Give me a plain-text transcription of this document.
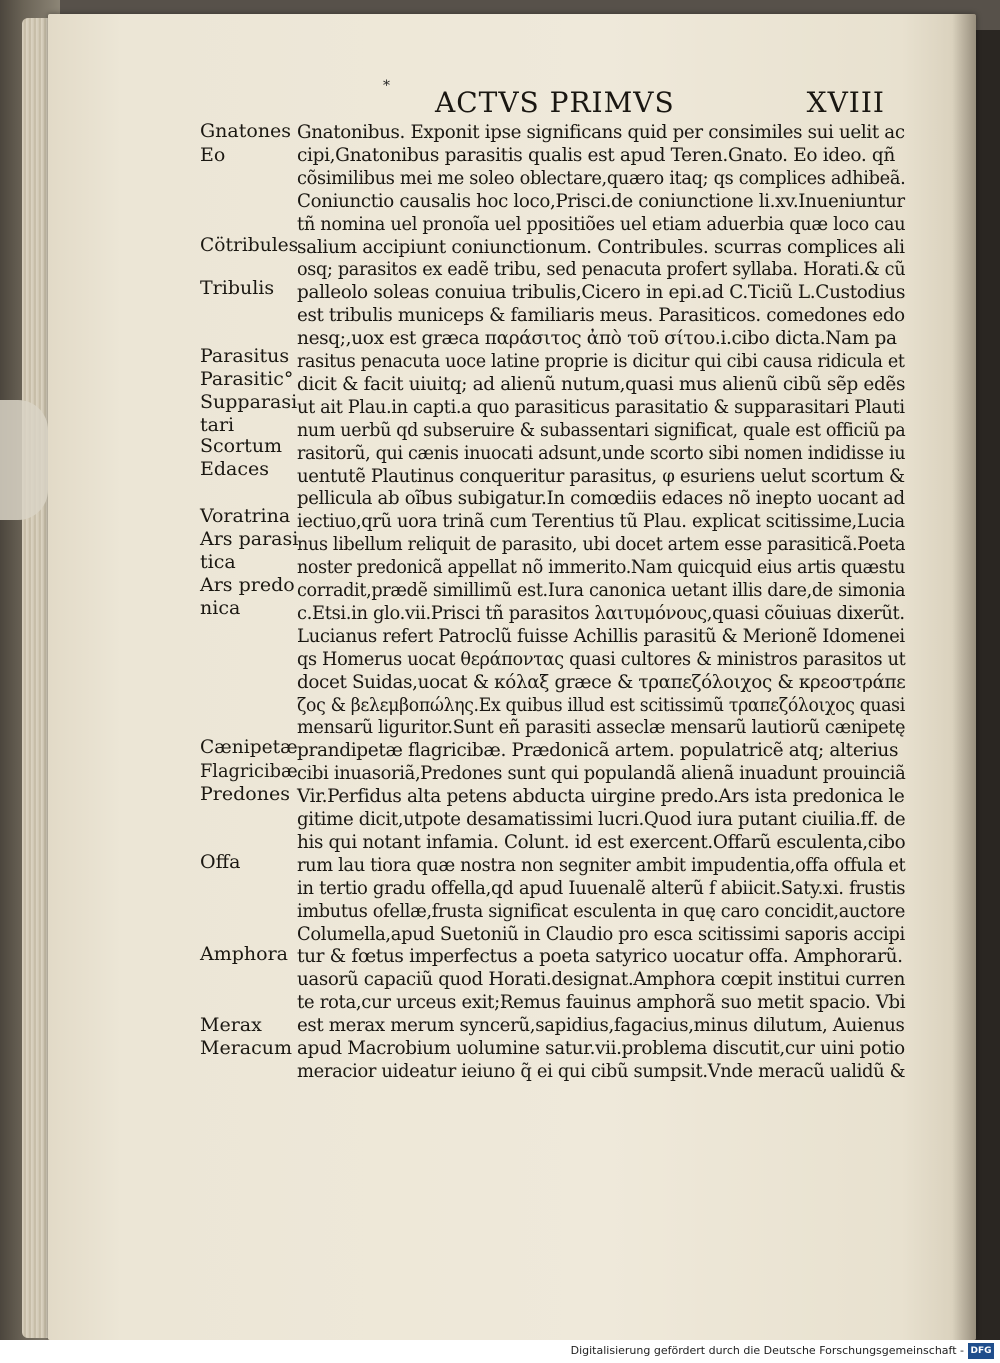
* ACTVS PRIMVS	XVIII
Gnatones
Eo
Cötribules
Tribulis
Parasitus
Parasitic°
Supparasi
tari
Scortum
Edaces
Voratrina
Ars parasi
tica
Ars predo
nica
Cænipetæ
Flagricibæ
Predones
Offa
Amphora
Merax
Meracum
Gnatonibus. Exponit ipse significans quid per consimiles sui uelit ac
cipi,Gnatonibus parasitis qualis est apud Teren.Gnato. Eo ideo. qñ
cõsimilibus mei me soleo oblectare,quæro itaq; qs complices adhibeã.
Coniunctio causalis hoc loco,Prisci.de coniunctione li.xv.Inueniuntur
tñ nomina uel pronoĩa uel ppositiões uel etiam aduerbia quæ loco cau
salium accipiunt coniunctionum. Contribules. scurras complices ali
osq; parasitos ex eadẽ tribu, sed penacuta profert syllaba. Horati.& cũ
palleolo soleas conuiua tribulis,Cicero in epi.ad C.Ticiũ L.Custodius
est tribulis municeps & familiaris meus. Parasiticos. comedones edo
nesq;,uox est græca παράσιτος ἀπὸ τοῦ σίτου.i.cibo dicta.Nam pa
rasitus penacuta uoce latine proprie is dicitur qui cibi causa ridicula et
dicit & facit uiuitq; ad alienũ nutum,quasi mus alienũ cibũ sẽp edẽs
ut ait Plau.in capti.a quo parasiticus parasitatio & supparasitari Plauti
num uerbũ qd subseruire & subassentari significat, quale est officiũ pa
rasitorũ, qui cænis inuocati adsunt,unde scorto sibi nomen indidisse iu
uentutẽ Plautinus conqueritur parasitus, φ esuriens uelut scortum &
pellicula ab oĩbus subigatur.In comœdiis edaces nõ inepto uocant ad
iectiuo,qrũ uora trinã cum Terentius tũ Plau. explicat scitissime,Lucia
nus libellum reliquit de parasito, ubi docet artem esse parasiticã.Poeta
noster predonicã appellat nõ immerito.Nam quicquid eius artis quæstu
corradit,prædẽ simillimũ est.Iura canonica uetant illis dare,de simonia
c.Etsi.in glo.vii.Prisci tñ parasitos λαιτυμόνους,quasi cõuiuas dixerũt.
Lucianus refert Patroclũ fuisse Achillis parasitũ & Merionẽ Idomenei
qs Homerus uocat θεράποντας quasi cultores & ministros parasitos ut
docet Suidas,uocat & κόλαξ græce & τραπεζόλοιχος & κρεοστράπε
ζος & βελεμβοπώλης.Ex quibus illud est scitissimũ τραπεζόλοιχος quasi
mensarũ liguritor.Sunt eñ parasiti asseclæ mensarũ lautiorũ cænipetę
prandipetæ flagricibæ. Prædonicã artem. populatricẽ atq; alterius
cibi inuasoriã,Predones sunt qui populandã alienã inuadunt prouinciã
Vir.Perfidus alta petens abducta uirgine predo.Ars ista predonica le
gitime dicit,utpote desamatissimi lucri.Quod iura putant ciuilia.ff. de
his qui notant infamia. Colunt. id est exercent.Offarũ esculenta,cibo
rum lau tiora quæ nostra non segniter ambit impudentia,offa offula et
in tertio gradu offella,qd apud Iuuenalẽ alterũ f abiicit.Saty.xi. frustis
imbutus ofellæ,frusta significat esculenta in quę caro concidit,auctore
Columella,apud Suetoniũ in Claudio pro esca scitissimi saporis accipi
tur & fœtus imperfectus a poeta satyrico uocatur offa. Amphorarũ.
uasorũ capaciũ quod Horati.designat.Amphora cœpit institui curren
te rota,cur urceus exit;Remus fauinus amphorã suo metit spacio. Vbi
est merax merum syncerũ,sapidius,fagacius,minus dilutum, Auienus
apud Macrobium uolumine satur.vii.problema discutit,cur uini potio
meracior uideatur ieiuno q̃ ei qui cibũ sumpsit.Vnde meracũ ualidũ &
Digitalisierung gefördert durch die Deutsche Forschungsgemeinschaft - DFG
